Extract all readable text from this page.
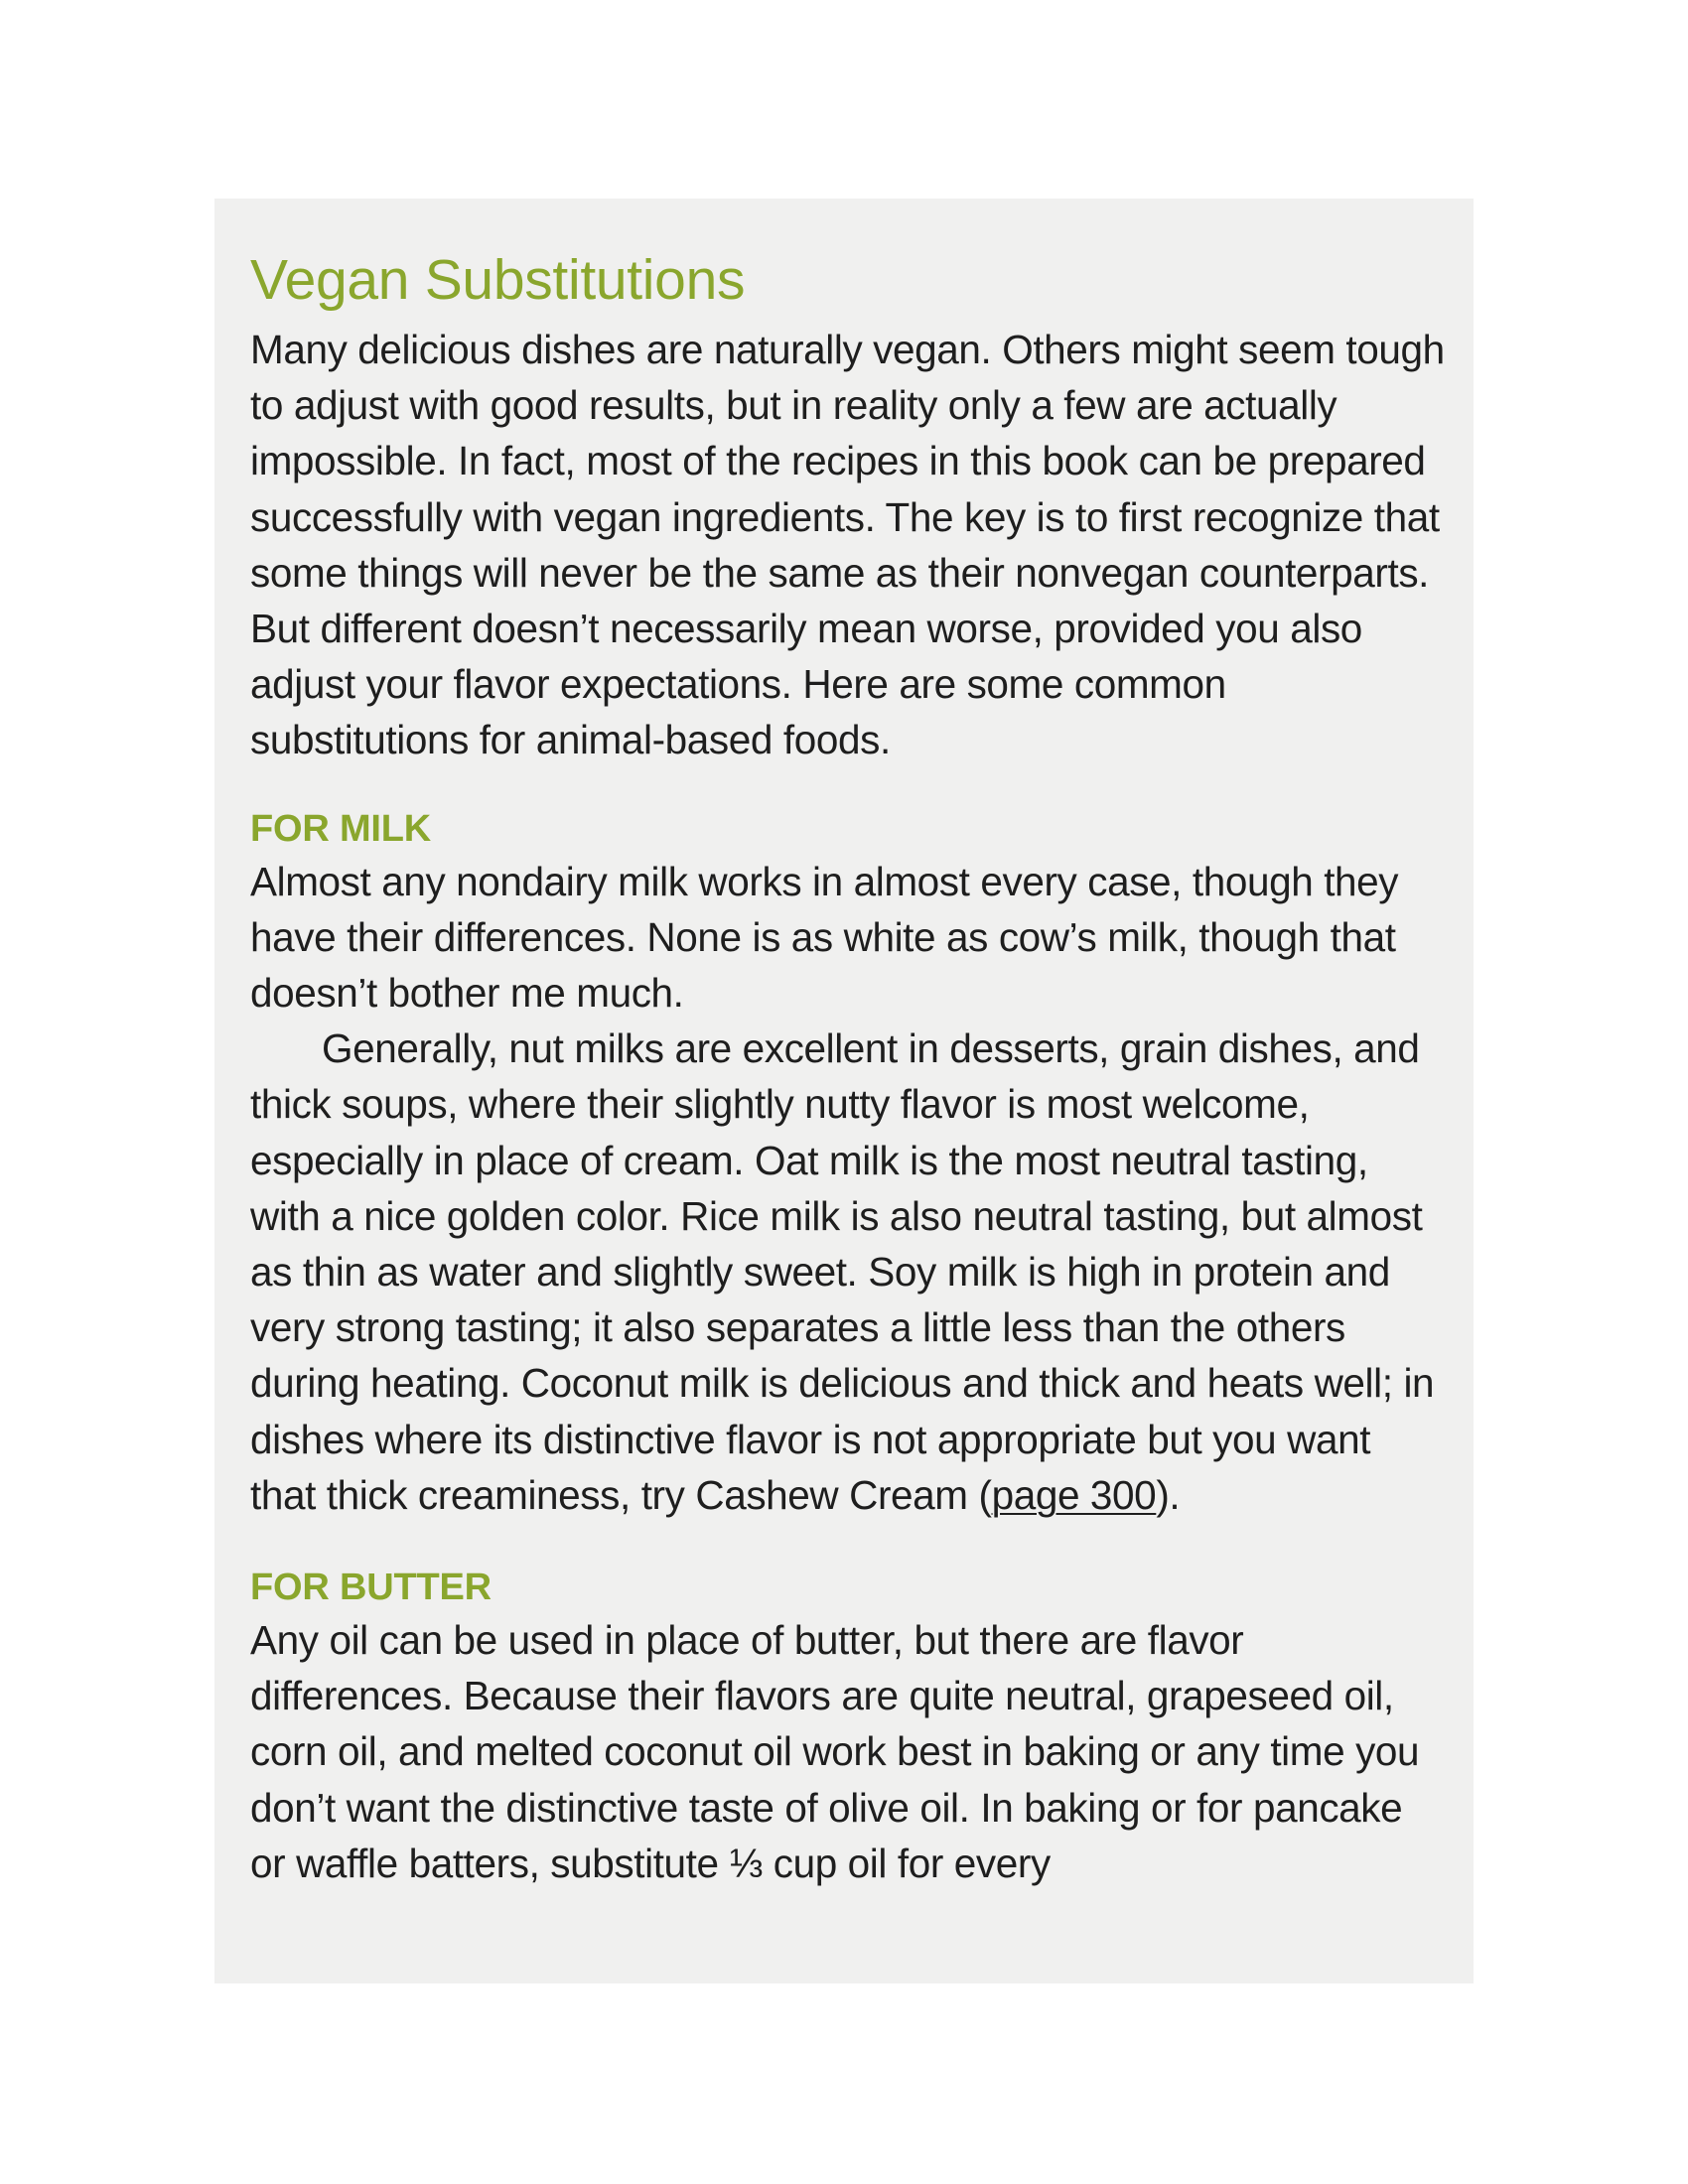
Vegan Substitutions

Many delicious dishes are naturally vegan. Others might seem tough to adjust with good results, but in reality only a few are actually impossible. In fact, most of the recipes in this book can be prepared successfully with vegan ingredients. The key is to first recognize that some things will never be the same as their nonvegan counterparts. But different doesn’t necessarily mean worse, provided you also adjust your flavor expectations. Here are some common substitutions for animal-based foods.

FOR MILK

Almost any nondairy milk works in almost every case, though they have their differences. None is as white as cow’s milk, though that doesn’t bother me much.

Generally, nut milks are excellent in desserts, grain dishes, and thick soups, where their slightly nutty flavor is most welcome, especially in place of cream. Oat milk is the most neutral tasting, with a nice golden color. Rice milk is also neutral tasting, but almost as thin as water and slightly sweet. Soy milk is high in protein and very strong tasting; it also separates a little less than the others during heating. Coconut milk is delicious and thick and heats well; in dishes where its distinctive flavor is not appropriate but you want that thick creaminess, try Cashew Cream (page 300).

FOR BUTTER

Any oil can be used in place of butter, but there are flavor differences. Because their flavors are quite neutral, grapeseed oil, corn oil, and melted coconut oil work best in baking or any time you don’t want the distinctive taste of olive oil. In baking or for pancake or waffle batters, substitute ⅓ cup oil for every
